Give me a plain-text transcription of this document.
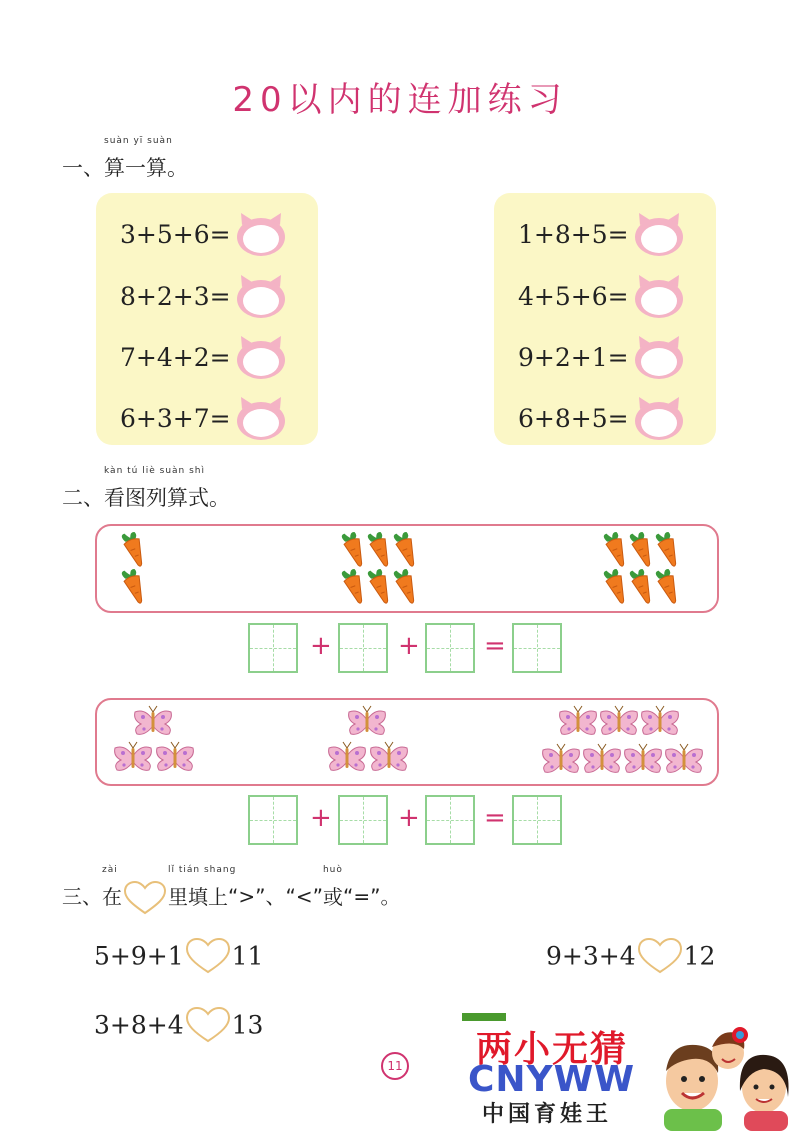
20以内的连加练习
一、
suàn yī suàn
算一算。
3+5+6=
8+2+3=
7+4+2=
6+3+7=
1+8+5=
4+5+6=
9+2+1=
6+8+5=
二、
kàn tú liè suàn shì
看图列算式。
+	+ =
+	+ =
三、
zài
在
lǐ tián shang
里填上“>”、“<”
huò
或“=”。
5+9+1 11	9+3+4 12
3+8+4 13
11 两小无猜
CNYWW
中国育娃王
